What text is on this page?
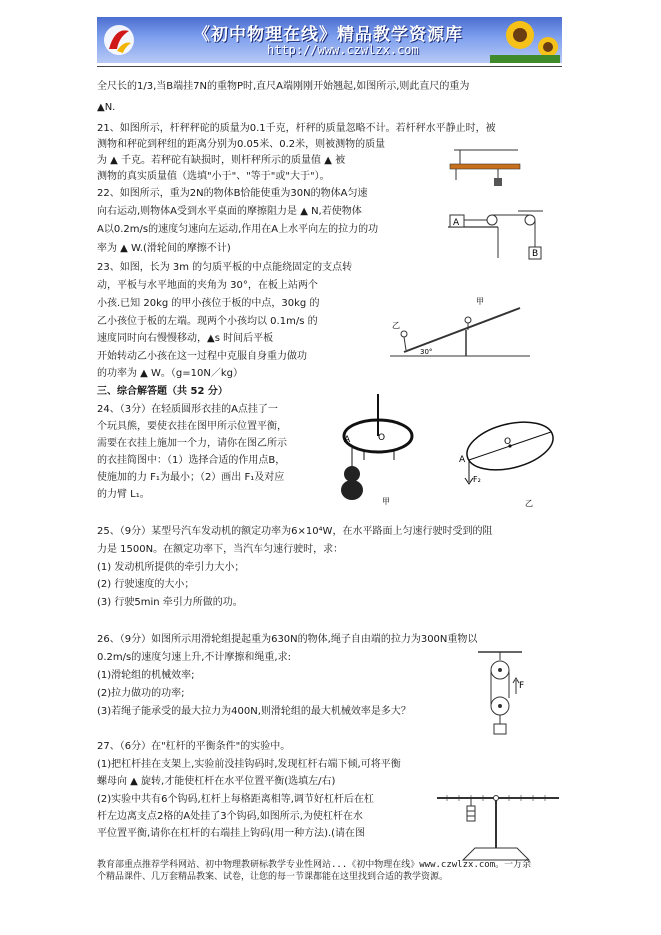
《初中物理在线》精品教学资源库
http://www.czwlzx.com
全尺长的1/3,当B端挂7N的重物P时,直尺A端刚刚开始翘起,如图所示,则此直尺的重为
▲N.
21、如图所示，杆秤秤砣的质量为0.1千克，杆秤的质量忽略不计。若杆秤水平静止时，被
测物和秤砣到秤纽的距离分别为0.05米、0.2米，则被测物的质量
为 ▲ 千克。若秤砣有缺损时，则杆秤所示的质量值 ▲ 被
测物的真实质量值（选填"小于"、"等于"或"大于"）。
22、如图所示，重为2N的物体B恰能使重为30N的物体A匀速
向右运动,则物体A受到水平桌面的摩擦阻力是 ▲ N,若使物体
A以0.2m/s的速度匀速向左运动,作用在A上水平向左的拉力的功
率为 ▲ W.(滑轮间的摩擦不计)
23、如图，长为 3m 的匀质平板的中点能绕固定的支点转
动，平板与水平地面的夹角为 30°，在板上站两个
小孩.已知 20kg 的甲小孩位于板的中点，30kg 的
乙小孩位于板的左端。现两个小孩均以 0.1m/s 的
速度同时向右慢慢移动，▲s 时间后平板
开始转动乙小孩在这一过程中克服自身重力做功
的功率为 ▲ W。（g=10N／kg）
三、综合解答题（共 52 分）
24、（3分）在轻质圆形衣挂的A点挂了一
个玩具熊，要使衣挂在图甲所示位置平衡，
需要在衣挂上施加一个力，请你在图乙所示
的衣挂简图中：（1）选择合适的作用点B，
使施加的力 F₁为最小；（2）画出 F₁及对应
的力臂 L₁。
25、（9分）某型号汽车发动机的额定功率为6×10⁴W，在水平路面上匀速行驶时受到的阻
力是 1500N。在额定功率下，当汽车匀速行驶时，求：
(1) 发动机所提供的牵引力大小；
(2) 行驶速度的大小；
(3) 行驶5min 牵引力所做的功。
26、（9分）如图所示用滑轮组提起重为630N的物体,绳子自由端的拉力为300N重物以
0.2m/s的速度匀速上升,不计摩擦和绳重,求:
(1)滑轮组的机械效率;
(2)拉力做功的功率;
(3)若绳子能承受的最大拉力为400N,则滑轮组的最大机械效率是多大？
27、（6分）在"杠杆的平衡条件"的实验中。
(1)把杠杆挂在支架上,实验前没挂钩码时,发现杠杆右端下倾,可将平衡
螺母向 ▲ 旋转,才能使杠杆在水平位置平衡(选填左/右)
(2)实验中共有6个钩码,杠杆上每格距离相等,调节好杠杆后在杠
杆左边离支点2格的A处挂了3个钩码,如图所示,为使杠杆在水
平位置平衡,请你在杠杆的右端挂上钩码(用一种方法).(请在图
A
B
甲
乙
30°
A	O
甲
O
A
F₂
乙
F
教育部重点推荐学科网站、初中物理教研标教学专业性网站...《初中物理在线》www.czwlzx.com。一万余
个精品课件、几万套精品教案、试卷，让您的每一节课都能在这里找到合适的教学资源。
